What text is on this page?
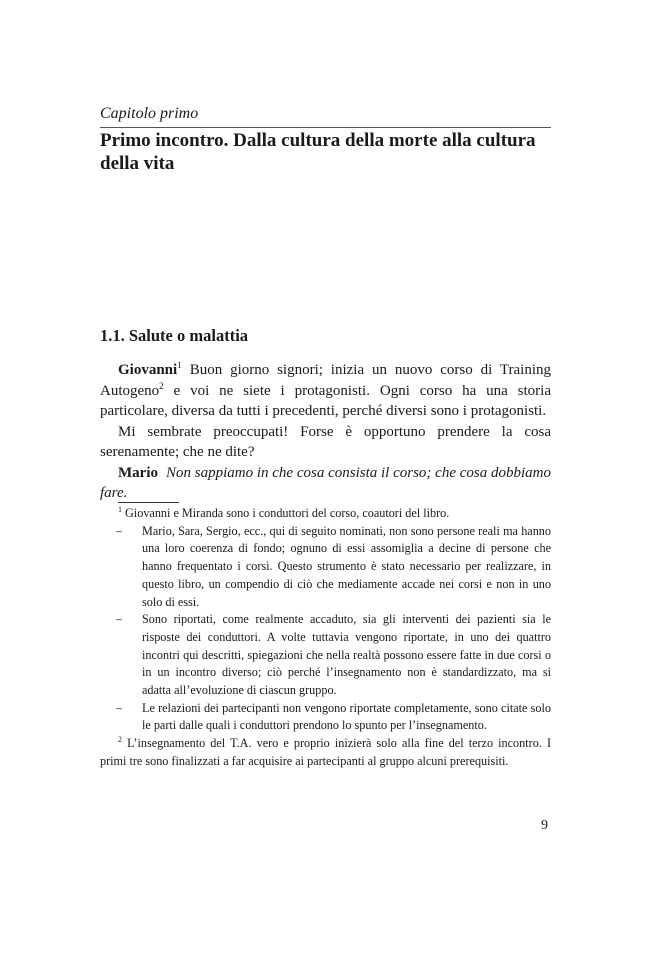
Capitolo primo
Primo incontro. Dalla cultura della morte alla cultura della vita
1.1. Salute o malattia

Giovanni$^1$ Buon giorno signori; inizia un nuovo corso di Training Autogeno$^2$ e voi ne siete i protagonisti. Ogni corso ha una storia particolare, diversa da tutti i precedenti, perché diversi sono i protagonisti.

Mi sembrate preoccupati! Forse è opportuno prendere la cosa serenamente; che ne dite?

Mario Non sappiamo in che cosa consista il corso; che cosa dobbiamo fare.

$^1$ Giovanni e Miranda sono i conduttori del corso, coautori del libro.

– Mario, Sara, Sergio, ecc., qui di seguito nominati, non sono persone reali ma hanno una loro coerenza di fondo; ognuno di essi assomiglia a decine di persone che hanno frequentato i corsi. Questo strumento è stato necessario per realizzare, in questo libro, un compendio di ciò che mediamente accade nei corsi e non in uno solo di essi.

– Sono riportati, come realmente accaduto, sia gli interventi dei pazienti sia le risposte dei conduttori. A volte tuttavia vengono riportate, in uno dei quattro incontri qui descritti, spiegazioni che nella realtà possono essere fatte in due corsi o in un incontro diverso; ciò perché l’insegnamento non è standardizzato, ma si adatta all’evoluzione di ciascun gruppo.

– Le relazioni dei partecipanti non vengono riportate completamente, sono citate solo le parti dalle quali i conduttori prendono lo spunto per l’insegnamento.

$^2$ L’insegnamento del T.A. vero e proprio inizierà solo alla fine del terzo incontro. I primi tre sono finalizzati a far acquisire ai partecipanti al gruppo alcuni prerequisiti.

9
